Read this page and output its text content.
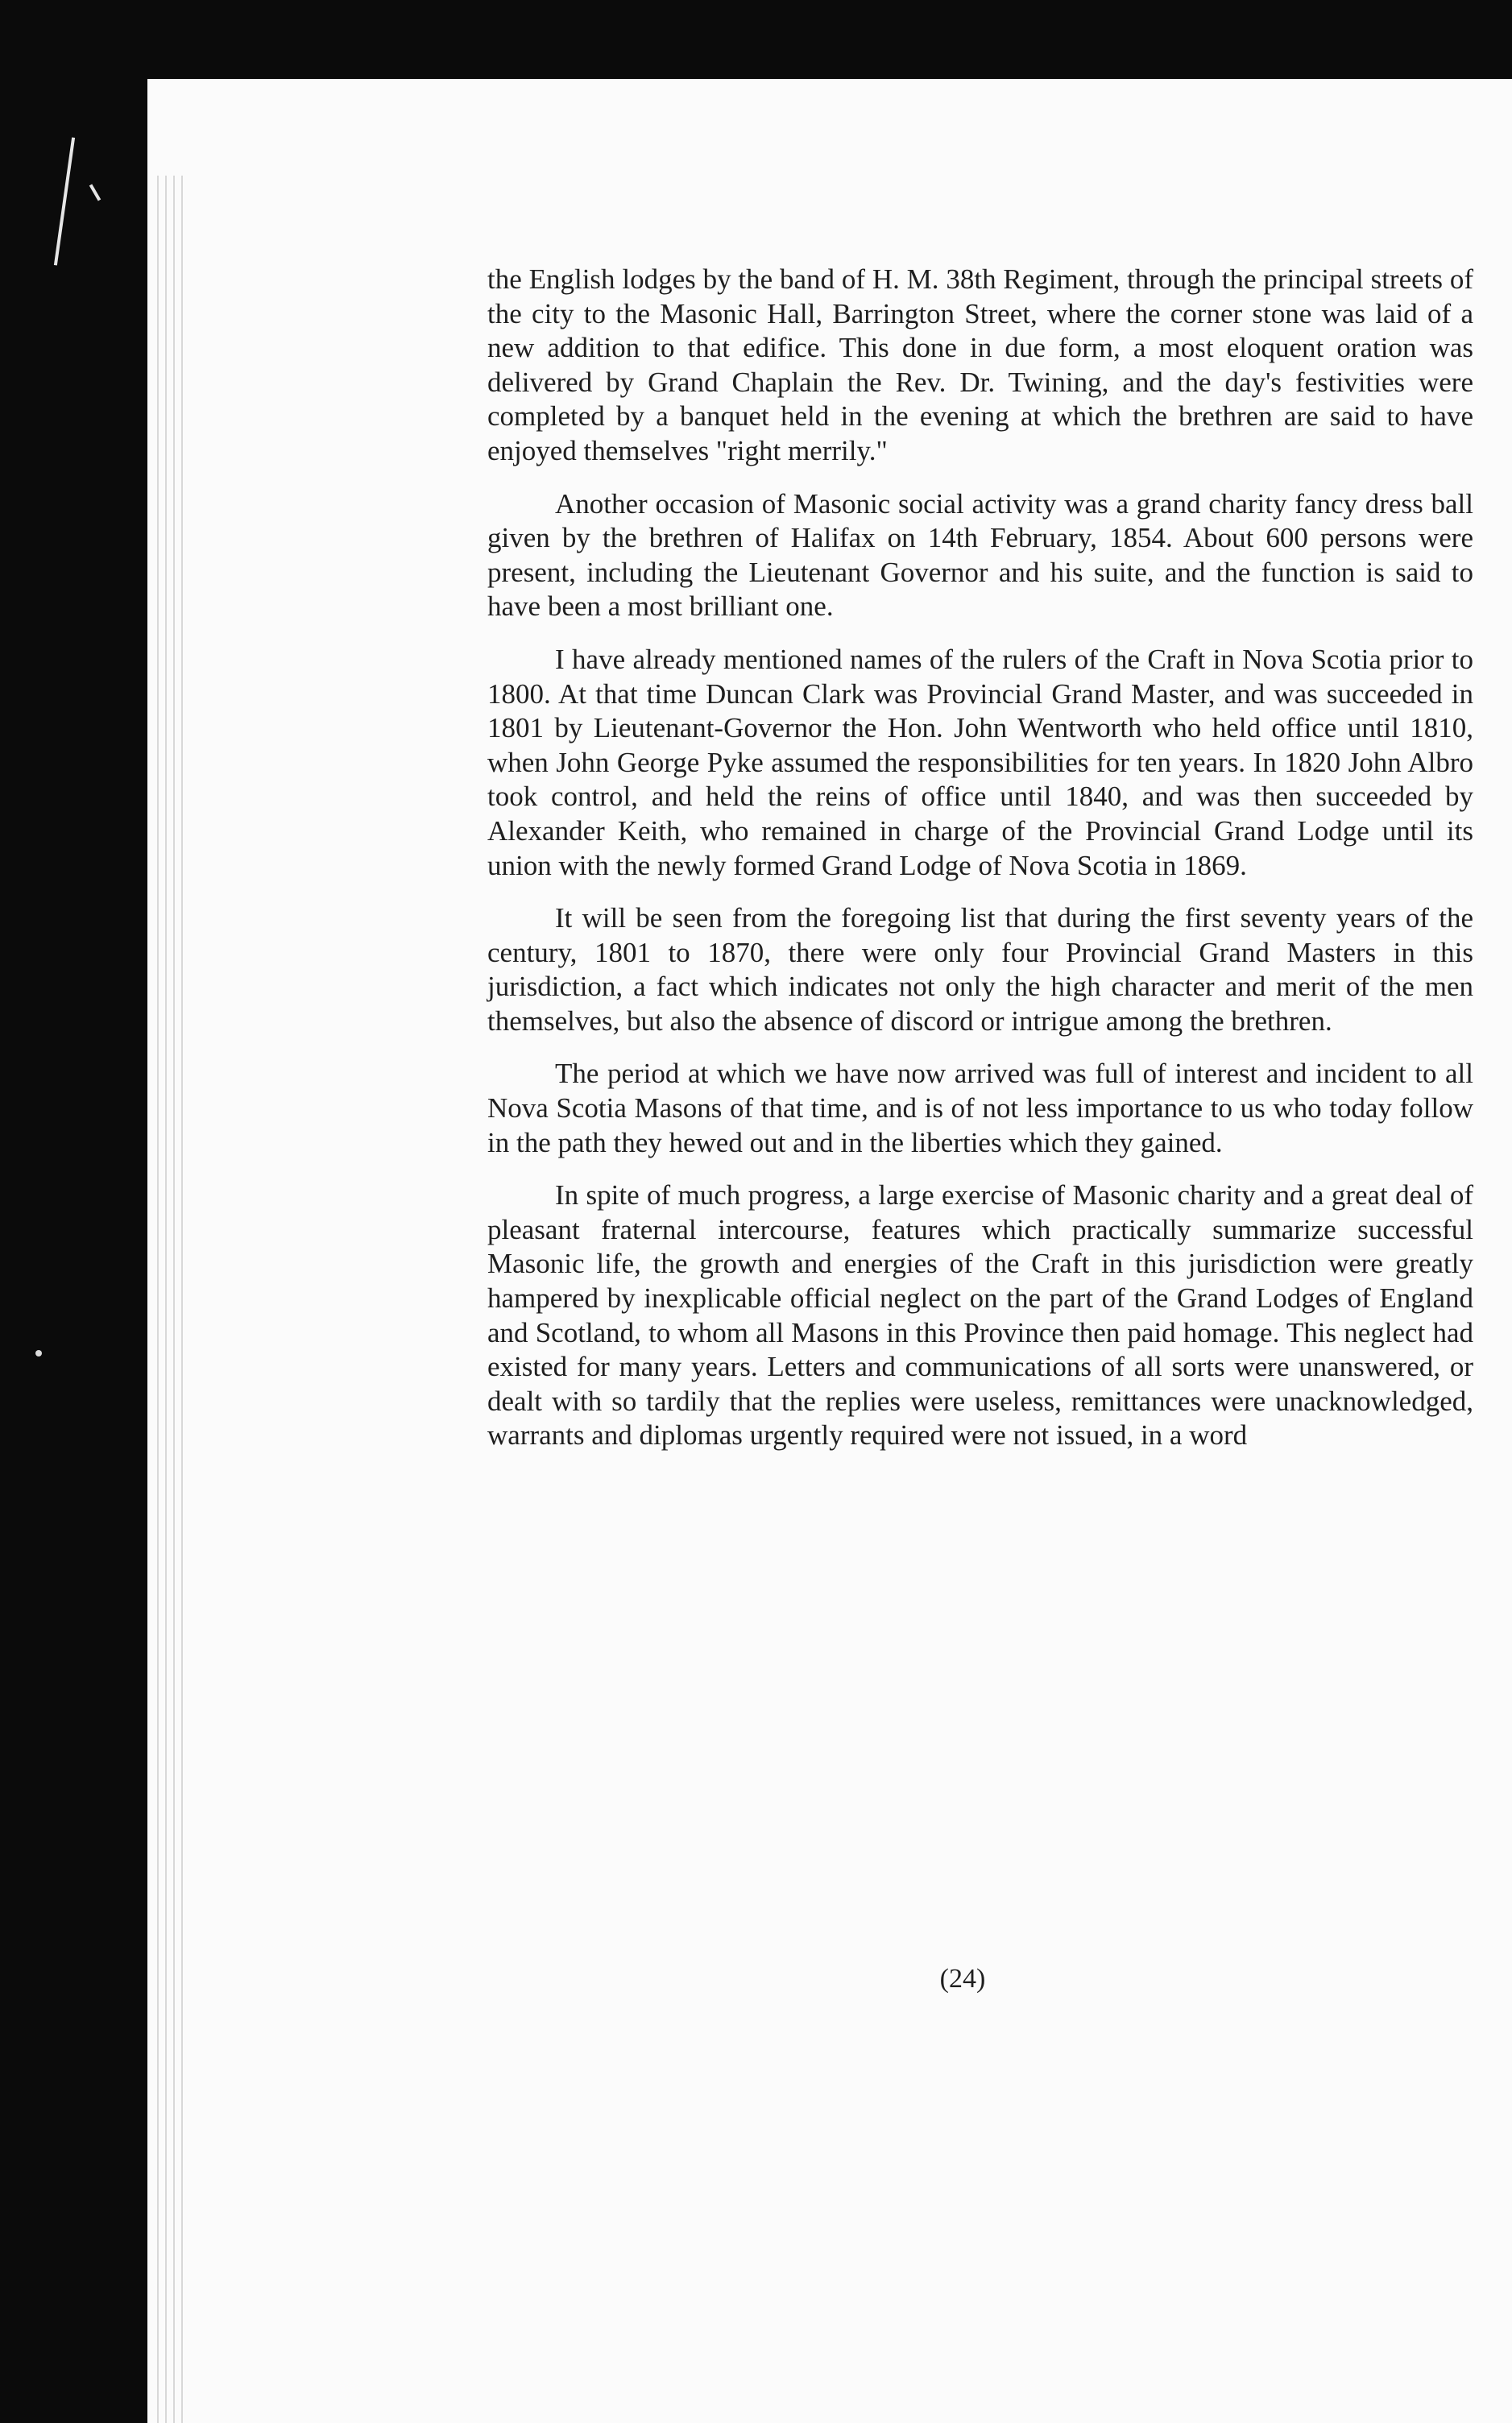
the English lodges by the band of H. M. 38th Regiment, through the principal streets of the city to the Masonic Hall, Barrington Street, where the corner stone was laid of a new addition to that edifice. This done in due form, a most eloquent oration was delivered by Grand Chaplain the Rev. Dr. Twining, and the day's festivities were completed by a banquet held in the evening at which the brethren are said to have enjoyed themselves "right merrily."

Another occasion of Masonic social activity was a grand charity fancy dress ball given by the brethren of Halifax on 14th February, 1854. About 600 persons were present, including the Lieutenant Governor and his suite, and the function is said to have been a most brilliant one.

I have already mentioned names of the rulers of the Craft in Nova Scotia prior to 1800. At that time Duncan Clark was Provincial Grand Master, and was succeeded in 1801 by Lieutenant-Governor the Hon. John Wentworth who held office until 1810, when John George Pyke assumed the responsibilities for ten years. In 1820 John Albro took control, and held the reins of office until 1840, and was then succeeded by Alexander Keith, who remained in charge of the Provincial Grand Lodge until its union with the newly formed Grand Lodge of Nova Scotia in 1869.

It will be seen from the foregoing list that during the first seventy years of the century, 1801 to 1870, there were only four Provincial Grand Masters in this jurisdiction, a fact which indicates not only the high character and merit of the men themselves, but also the absence of discord or intrigue among the brethren.

The period at which we have now arrived was full of interest and incident to all Nova Scotia Masons of that time, and is of not less importance to us who today follow in the path they hewed out and in the liberties which they gained.

In spite of much progress, a large exercise of Masonic charity and a great deal of pleasant fraternal intercourse, features which practically summarize successful Masonic life, the growth and energies of the Craft in this jurisdiction were greatly hampered by inexplicable official neglect on the part of the Grand Lodges of England and Scotland, to whom all Masons in this Province then paid homage. This neglect had existed for many years. Letters and communications of all sorts were unanswered, or dealt with so tardily that the replies were useless, remittances were unacknowledged, warrants and diplomas urgently required were not issued, in a word

(24)
